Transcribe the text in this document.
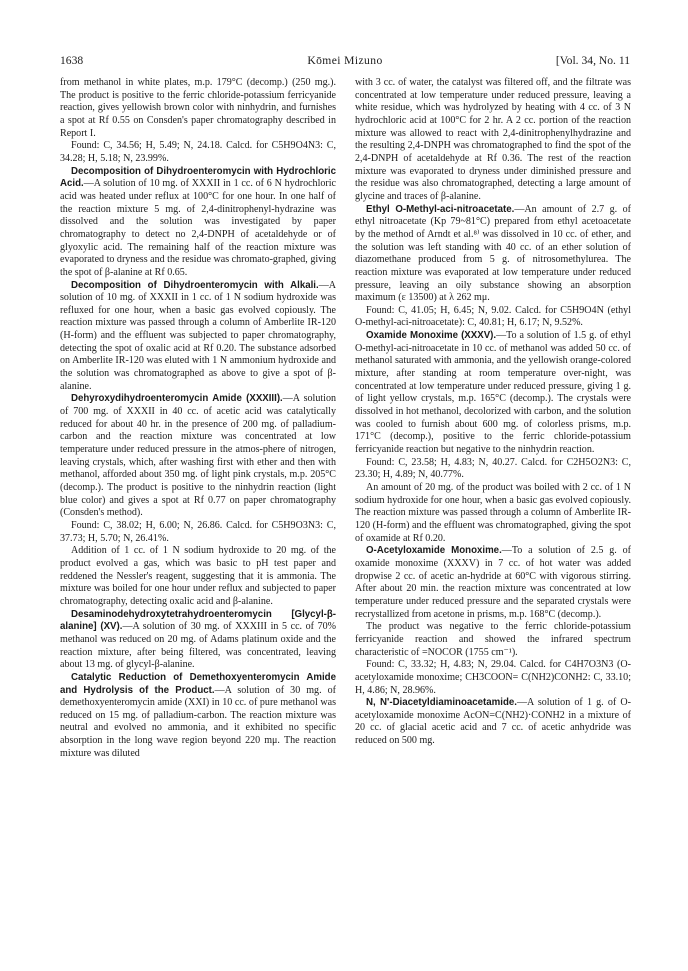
1638	Kōmei Mizuno	[Vol. 34, No. 11

from methanol in white plates, m.p. 179°C (decomp.) (250 mg.). The product is positive to the ferric chloride-potassium ferricyanide reaction, gives yellowish brown color with ninhydrin, and furnishes a spot at Rf 0.55 on Consden's paper chromatography described in Report I.

Found: C, 34.56; H, 5.49; N, 24.18. Calcd. for C5H9O4N3: C, 34.28; H, 5.18; N, 23.99%.

Decomposition of Dihydroenteromycin with Hydrochloric Acid.—A solution of 10 mg. of XXXII in 1 cc. of 6 N hydrochloric acid was heated under reflux at 100°C for one hour. In one half of the reaction mixture 5 mg. of 2,4-dinitrophenyl-hydrazine was dissolved and the solution was investigated by paper chromatography to detect no 2,4-DNPH of acetaldehyde or of glyoxylic acid. The remaining half of the reaction mixture was evaporated to dryness and the residue was chromato-graphed, giving the spot of β-alanine at Rf 0.65.

Decomposition of Dihydroenteromycin with Alkali.—A solution of 10 mg. of XXXII in 1 cc. of 1 N sodium hydroxide was refluxed for one hour, when a basic gas evolved copiously. The reaction mixture was passed through a column of Amberlite IR-120 (H-form) and the effluent was subjected to paper chromatography, detecting the spot of oxalic acid at Rf 0.20. The substance adsorbed on Amberlite IR-120 was eluted with 1 N ammonium hydroxide and the solution was chromatographed as above to give a spot of β-alanine.

Dehyroxydihydroenteromycin Amide (XXXIII).—A solution of 700 mg. of XXXII in 40 cc. of acetic acid was catalytically reduced for about 40 hr. in the presence of 200 mg. of palladium-carbon and the reaction mixture was concentrated at low temperature under reduced pressure in the atmos-phere of nitrogen, leaving crystals, which, after washing first with ether and then with methanol, afforded about 350 mg. of light pink crystals, m.p. 205°C (decomp.). The product is positive to the ninhydrin reaction (light blue color) and gives a spot at Rf 0.77 on paper chromatography (Consden's method).

Found: C, 38.02; H, 6.00; N, 26.86. Calcd. for C5H9O3N3: C, 37.73; H, 5.70; N, 26.41%.

Addition of 1 cc. of 1 N sodium hydroxide to 20 mg. of the product evolved a gas, which was basic to pH test paper and reddened the Nessler's reagent, suggesting that it is ammonia. The mixture was boiled for one hour under reflux and subjected to paper chromatography, detecting oxalic acid and β-alanine.

Desaminodehydroxytetrahydroenteromycin [Glycyl-β-alanine] (XV).—A solution of 30 mg. of XXXIII in 5 cc. of 70% methanol was reduced on 20 mg. of Adams platinum oxide and the reaction mixture, after being filtered, was concentrated, leaving about 13 mg. of glycyl-β-alanine.

Catalytic Reduction of Demethoxyenteromycin Amide and Hydrolysis of the Product.—A solution of 30 mg. of demethoxyenteromycin amide (XXI) in 10 cc. of pure methanol was reduced on 15 mg. of palladium-carbon. The reaction mixture was neutral and evolved no ammonia, and it exhibited no specific absorption in the long wave region beyond 220 mμ. The reaction mixture was diluted

with 3 cc. of water, the catalyst was filtered off, and the filtrate was concentrated at low temperature under reduced pressure, leaving a white residue, which was hydrolyzed by heating with 4 cc. of 3 N hydrochloric acid at 100°C for 2 hr. A 2 cc. portion of the reaction mixture was allowed to react with 2,4-dinitrophenylhydrazine and the resulting 2,4-DNPH was chromatographed to find the spot of the 2,4-DNPH of acetaldehyde at Rf 0.36. The rest of the reaction mixture was evaporated to dryness under diminished pressure and the residue was also chromatographed, detecting a large amount of glycine and traces of β-alanine.

Ethyl O-Methyl-aci-nitroacetate.—An amount of 2.7 g. of ethyl nitroacetate (Kp 79~81°C) prepared from ethyl acetoacetate by the method of Arndt et al.⁸⁾ was dissolved in 10 cc. of ether, and the solution was left standing with 40 cc. of an ether solution of diazomethane produced from 5 g. of nitrosomethylurea. The reaction mixture was evaporated at low temperature under reduced pressure, leaving an oily substance showing an absorption maximum (ε 13500) at λ 262 mμ.

Found: C, 41.05; H, 6.45; N, 9.02. Calcd. for C5H9O4N (ethyl O-methyl-aci-nitroacetate): C, 40.81; H, 6.17; N, 9.52%.

Oxamide Monoxime (XXXV).—To a solution of 1.5 g. of ethyl O-methyl-aci-nitroacetate in 10 cc. of methanol was added 50 cc. of methanol saturated with ammonia, and the yellowish orange-colored mixture, after standing at room temperature over-night, was concentrated at low temperature under reduced pressure, giving 1 g. of light yellow crystals, m.p. 165°C (decomp.). The crystals were dissolved in hot methanol, decolorized with carbon, and the solution was cooled to furnish about 600 mg. of colorless prisms, m.p. 171°C (decomp.), positive to the ferric chloride-potassium ferricyanide reaction but negative to the ninhydrin reaction.

Found: C, 23.58; H, 4.83; N, 40.27. Calcd. for C2H5O2N3: C, 23.30; H, 4.89; N, 40.77%.

An amount of 20 mg. of the product was boiled with 2 cc. of 1 N sodium hydroxide for one hour, when a basic gas evolved copiously. The reaction mixture was passed through a column of Amberlite IR-120 (H-form) and the effluent was chromatographed, giving the spot of oxamide at Rf 0.20.

O-Acetyloxamide Monoxime.—To a solution of 2.5 g. of oxamide monoxime (XXXV) in 7 cc. of hot water was added dropwise 2 cc. of acetic an-hydride at 60°C with vigorous stirring. After about 20 min. the reaction mixture was concentrated at low temperature under reduced pressure and the separated crystals were recrystallized from acetone in prisms, m.p. 168°C (decomp.).

The product was negative to the ferric chloride-potassium ferricyanide reaction and showed the infrared spectrum characteristic of =NOCOR (1755 cm⁻¹).

Found: C, 33.32; H, 4.83; N, 29.04. Calcd. for C4H7O3N3 (O-acetyloxamide monoxime; CH3COON= C(NH2)CONH2: C, 33.10; H, 4.86; N, 28.96%.

N, N'-Diacetyldiaminoacetamide.—A solution of 1 g. of O-acetyloxamide monoxime AcON=C(NH2)·CONH2 in a mixture of 20 cc. of glacial acetic acid and 7 cc. of acetic anhydride was reduced on 500 mg.
